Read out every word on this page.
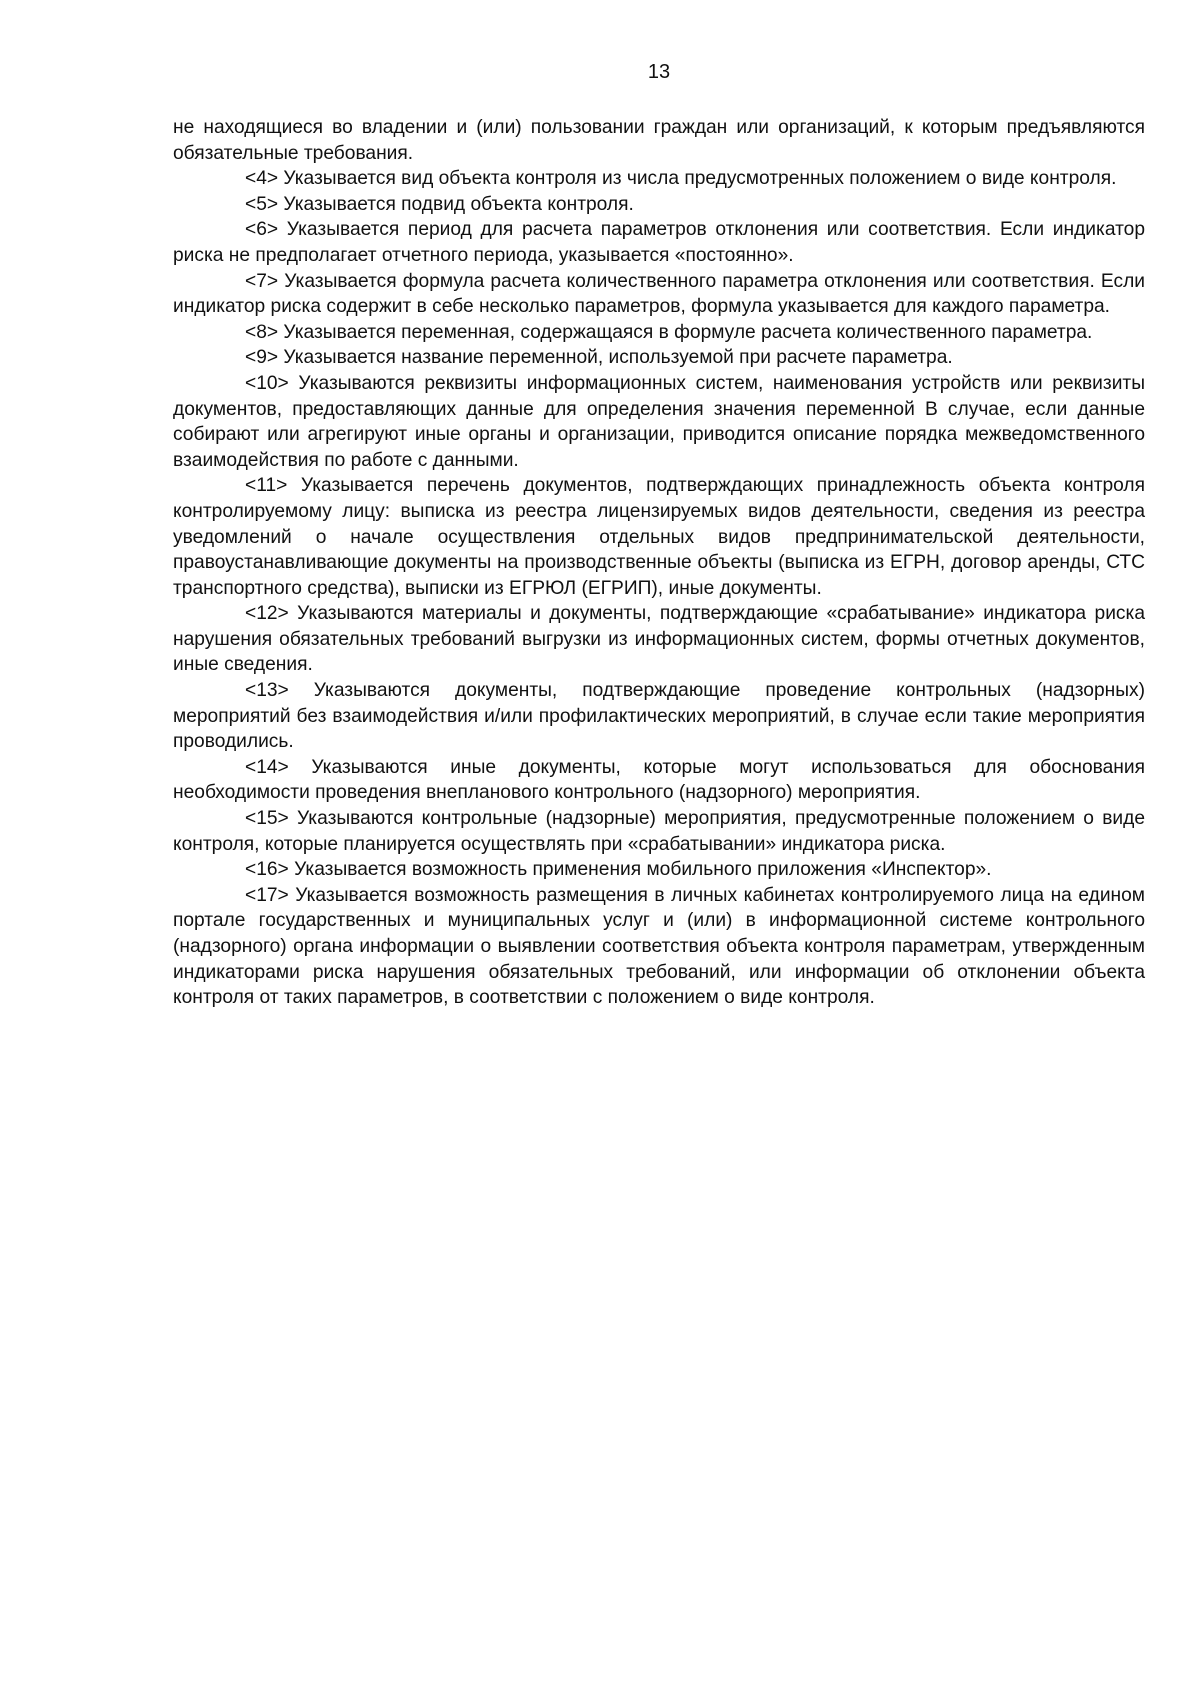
13

не находящиеся во владении и (или) пользовании граждан или организаций, к которым предъявляются обязательные требования.

<4> Указывается вид объекта контроля из числа предусмотренных положением о виде контроля.

<5> Указывается подвид объекта контроля.

<6> Указывается период для расчета параметров отклонения или соответствия. Если индикатор риска не предполагает отчетного периода, указывается «постоянно».

<7> Указывается формула расчета количественного параметра отклонения или соответствия. Если индикатор риска содержит в себе несколько параметров, формула указывается для каждого параметра.

<8> Указывается переменная, содержащаяся в формуле расчета количественного параметра.

<9> Указывается название переменной, используемой при расчете параметра.

<10> Указываются реквизиты информационных систем, наименования устройств или реквизиты документов, предоставляющих данные для определения значения переменной В случае, если данные собирают или агрегируют иные органы и организации, приводится описание порядка межведомственного взаимодействия по работе с данными.

<11> Указывается перечень документов, подтверждающих принадлежность объекта контроля контролируемому лицу: выписка из реестра лицензируемых видов деятельности, сведения из реестра уведомлений о начале осуществления отдельных видов предпринимательской деятельности, правоустанавливающие документы на производственные объекты (выписка из ЕГРН, договор аренды, СТС транспортного средства), выписки из ЕГРЮЛ (ЕГРИП), иные документы.

<12> Указываются материалы и документы, подтверждающие «срабатывание» индикатора риска нарушения обязательных требований выгрузки из информационных систем, формы отчетных документов, иные сведения.

<13> Указываются документы, подтверждающие проведение контрольных (надзорных) мероприятий без взаимодействия и/или профилактических мероприятий, в случае если такие мероприятия проводились.

<14> Указываются иные документы, которые могут использоваться для обоснования необходимости проведения внепланового контрольного (надзорного) мероприятия.

<15> Указываются контрольные (надзорные) мероприятия, предусмотренные положением о виде контроля, которые планируется осуществлять при «срабатывании» индикатора риска.

<16> Указывается возможность применения мобильного приложения «Инспектор».

<17> Указывается возможность размещения в личных кабинетах контролируемого лица на едином портале государственных и муниципальных услуг и (или) в информационной системе контрольного (надзорного) органа информации о выявлении соответствия объекта контроля параметрам, утвержденным индикаторами риска нарушения обязательных требований, или информации об отклонении объекта контроля от таких параметров, в соответствии с положением о виде контроля.
